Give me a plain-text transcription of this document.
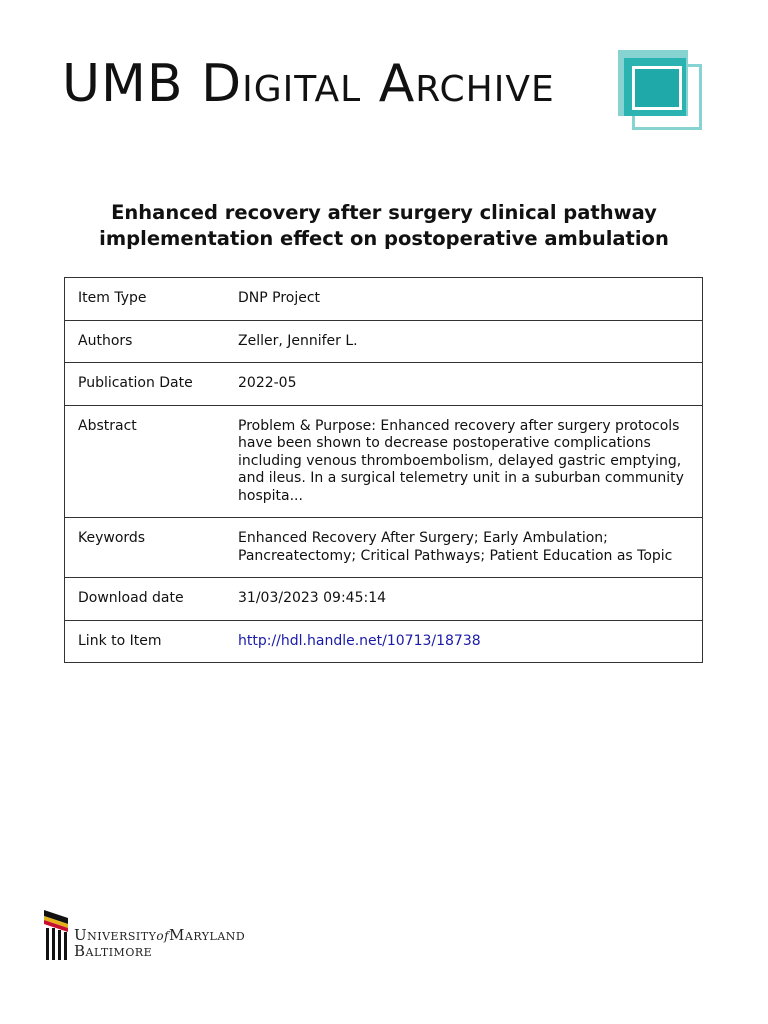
UMB Digital Archive
Enhanced recovery after surgery clinical pathway
implementation effect on postoperative ambulation
Item Type	DNP Project

Authors	Zeller, Jennifer L.

Publication Date	2022-05

Abstract	Problem & Purpose: Enhanced recovery after surgery protocols have been shown to decrease postoperative complications including venous thromboembolism, delayed gastric emptying, and ileus. In a surgical telemetry unit in a suburban community hospita...

Keywords	Enhanced Recovery After Surgery; Early Ambulation; Pancreatectomy; Critical Pathways; Patient Education as Topic

Download date	31/03/2023 09:45:14

Link to Item	http://hdl.handle.net/10713/18738
UniversityofMaryland
Baltimore
